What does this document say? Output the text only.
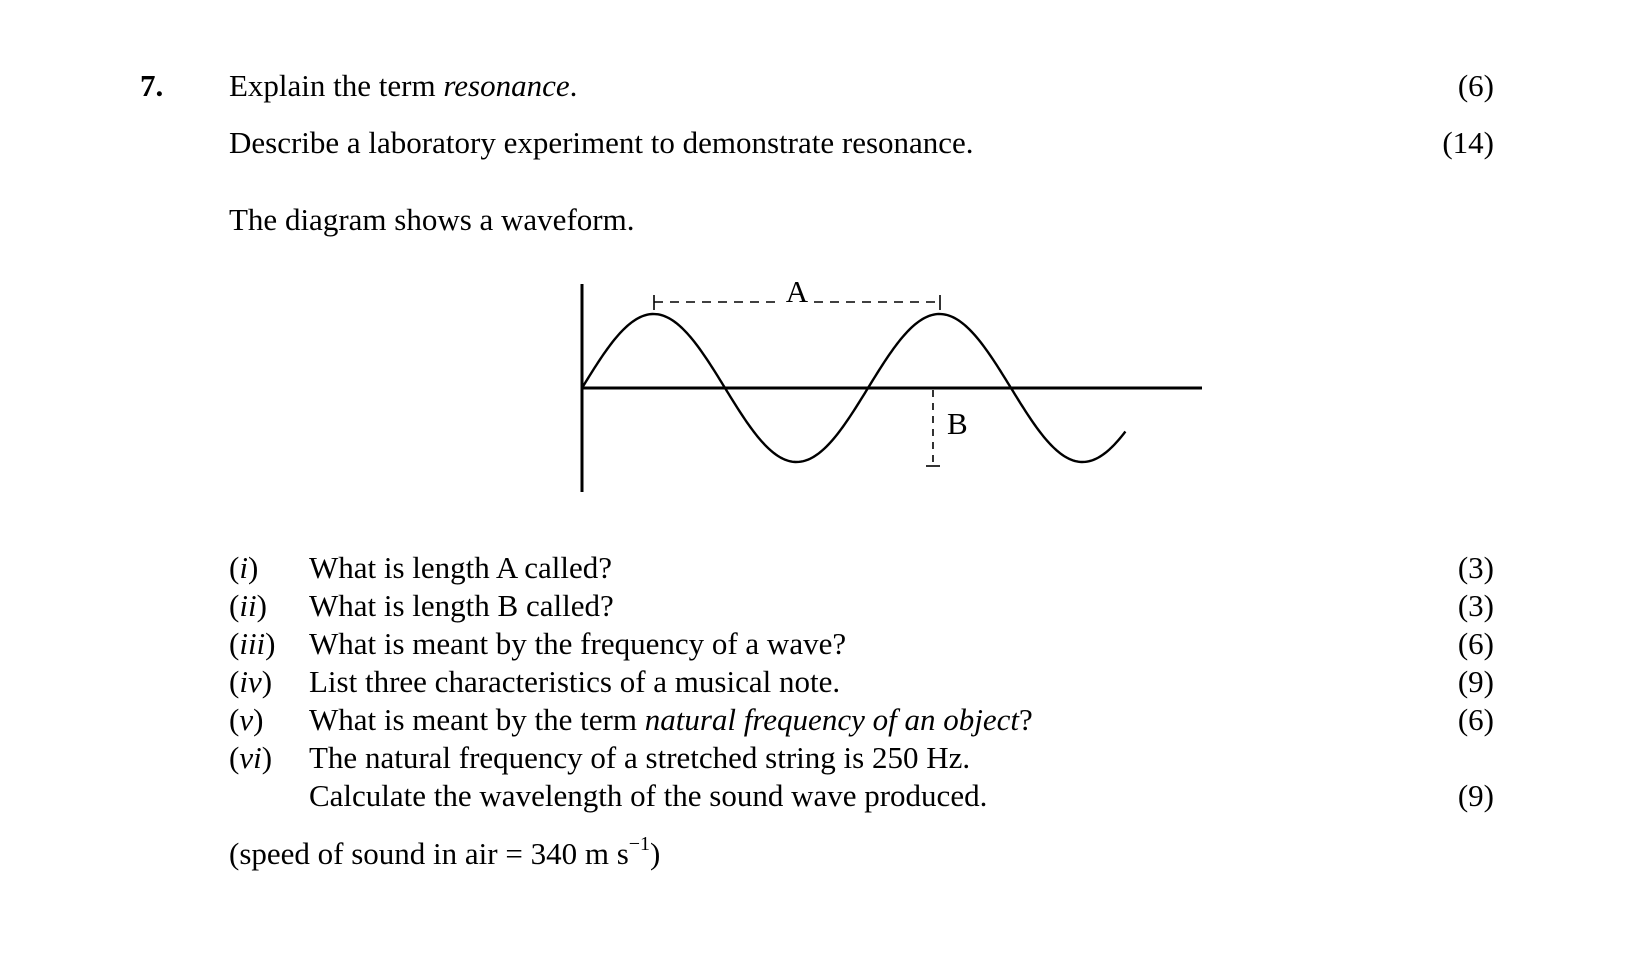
7. Explain the term resonance.	(6)
Describe a laboratory experiment to demonstrate resonance.	(14)
The diagram shows a waveform.
A
B
(i) What is length A called?	(3)
(ii) What is length B called?	(3)
(iii) What is meant by the frequency of a wave?	(6)
(iv) List three characteristics of a musical note.	(9)
(v) What is meant by the term natural frequency of an object?	(6)
(vi) The natural frequency of a stretched string is 250 Hz.
Calculate the wavelength of the sound wave produced.	(9)
(speed of sound in air = 340 m $s^{-1}$)
